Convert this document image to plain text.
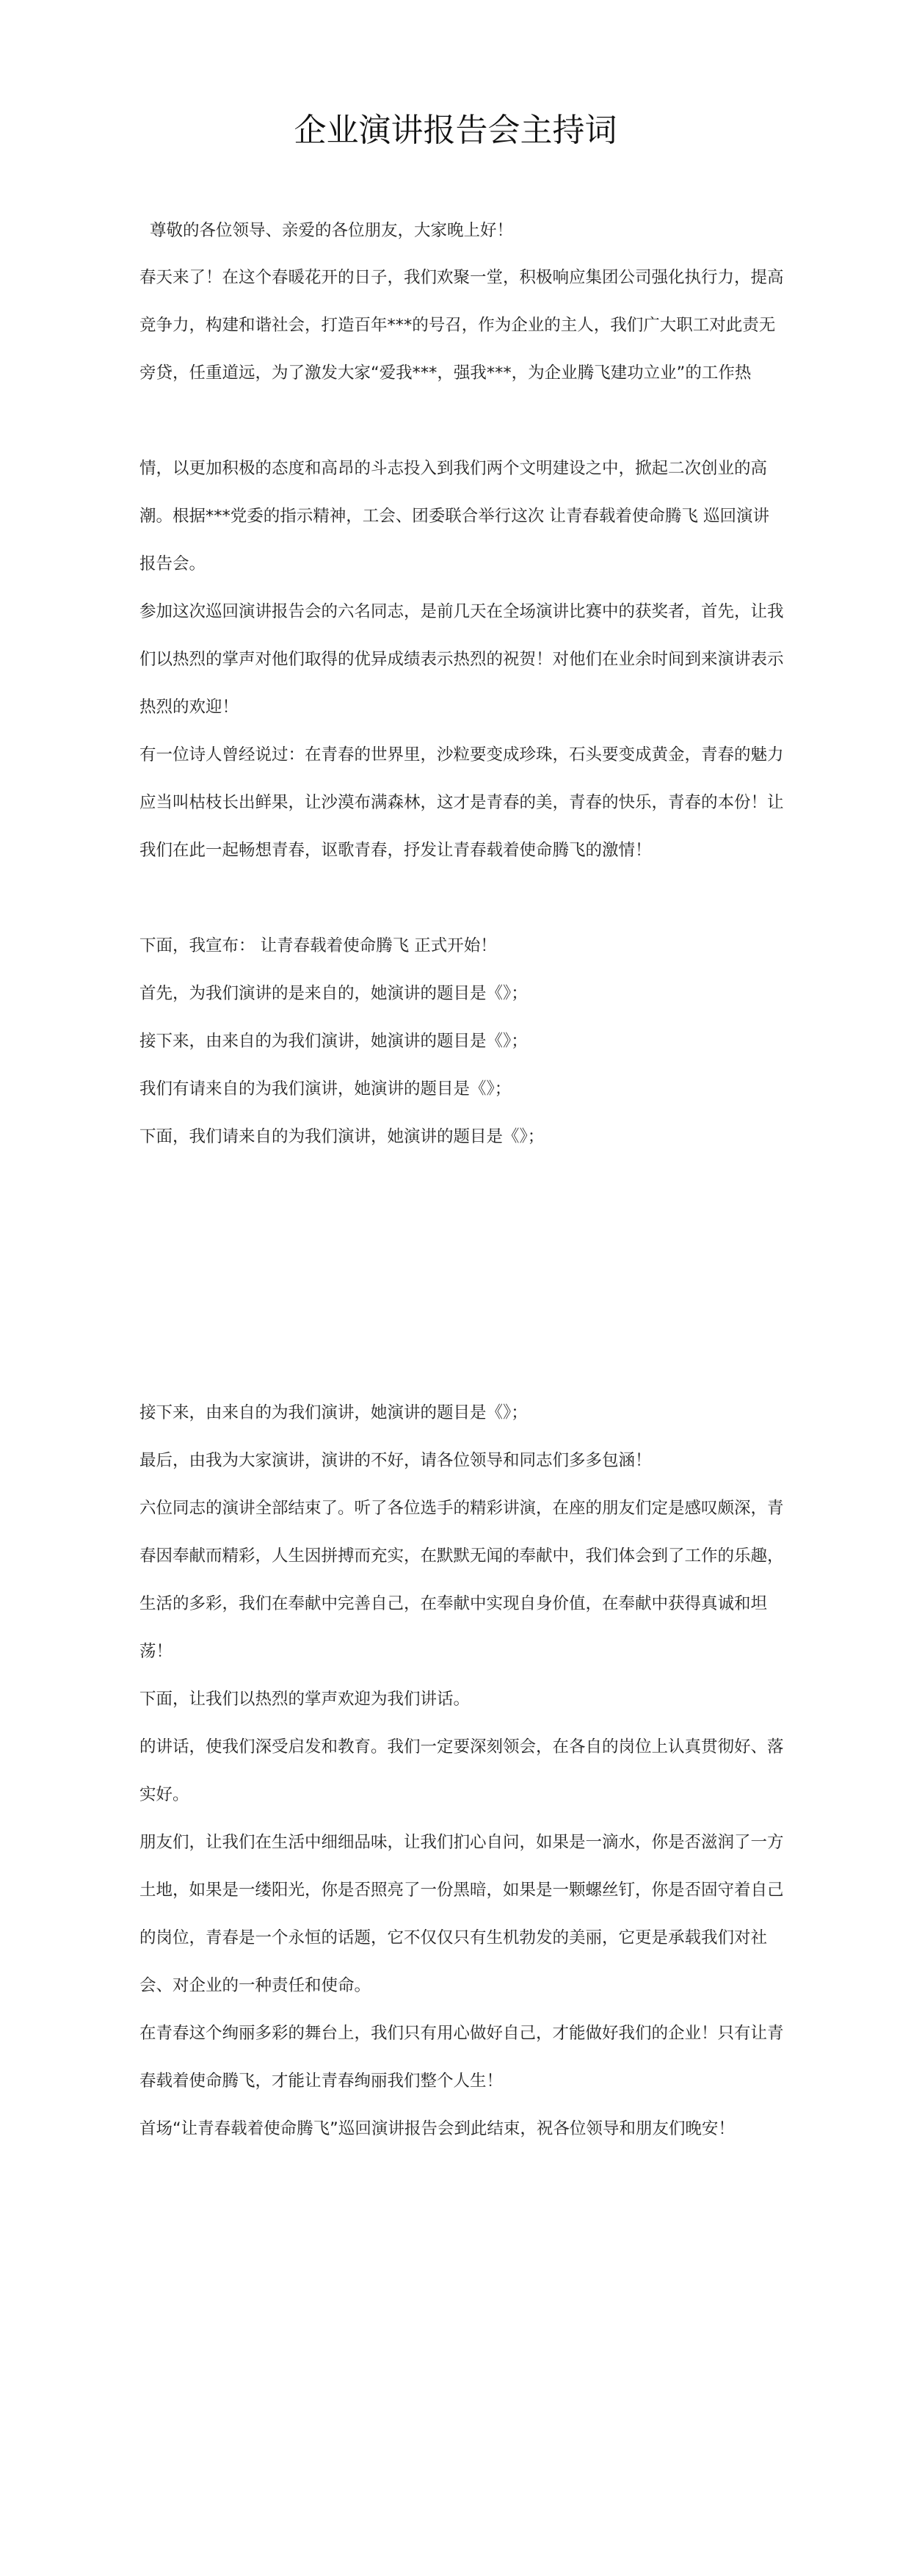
企业演讲报告会主持词

尊敬的各位领导、亲爱的各位朋友，大家晚上好！

春天来了！在这个春暖花开的日子，我们欢聚一堂，积极响应集团公司强化执行力，提高竞争力，构建和谐社会，打造百年***的号召，作为企业的主人，我们广大职工对此责无旁贷，任重道远，为了激发大家“爱我***，强我***，为企业腾飞建功立业”的工作热

情，以更加积极的态度和高昂的斗志投入到我们两个文明建设之中，掀起二次创业的高潮。根据***党委的指示精神，工会、团委联合举行这次 让青春载着使命腾飞 巡回演讲报告会。

参加这次巡回演讲报告会的六名同志，是前几天在全场演讲比赛中的获奖者，首先，让我们以热烈的掌声对他们取得的优异成绩表示热烈的祝贺！对他们在业余时间到来演讲表示热烈的欢迎！

有一位诗人曾经说过：在青春的世界里，沙粒要变成珍珠，石头要变成黄金，青春的魅力应当叫枯枝长出鲜果，让沙漠布满森林，这才是青春的美，青春的快乐，青春的本份！让我们在此一起畅想青春，讴歌青春，抒发让青春载着使命腾飞的激情！

下面，我宣布： 让青春载着使命腾飞 正式开始！

首先，为我们演讲的是来自的，她演讲的题目是《》；

接下来，由来自的为我们演讲，她演讲的题目是《》；

我们有请来自的为我们演讲，她演讲的题目是《》；

下面，我们请来自的为我们演讲，她演讲的题目是《》；

接下来，由来自的为我们演讲，她演讲的题目是《》；

最后，由我为大家演讲，演讲的不好，请各位领导和同志们多多包涵！

六位同志的演讲全部结束了。听了各位选手的精彩讲演，在座的朋友们定是感叹颇深，青春因奉献而精彩，人生因拼搏而充实，在默默无闻的奉献中，我们体会到了工作的乐趣，生活的多彩，我们在奉献中完善自己，在奉献中实现自身价值，在奉献中获得真诚和坦荡！

下面，让我们以热烈的掌声欢迎为我们讲话。

的讲话，使我们深受启发和教育。我们一定要深刻领会，在各自的岗位上认真贯彻好、落实好。

朋友们，让我们在生活中细细品味，让我们扪心自问，如果是一滴水，你是否滋润了一方土地，如果是一缕阳光，你是否照亮了一份黑暗，如果是一颗螺丝钉，你是否固守着自己的岗位，青春是一个永恒的话题，它不仅仅只有生机勃发的美丽，它更是承载我们对社会、对企业的一种责任和使命。

在青春这个绚丽多彩的舞台上，我们只有用心做好自己，才能做好我们的企业！只有让青春载着使命腾飞，才能让青春绚丽我们整个人生！

首场“让青春载着使命腾飞”巡回演讲报告会到此结束，祝各位领导和朋友们晚安！
